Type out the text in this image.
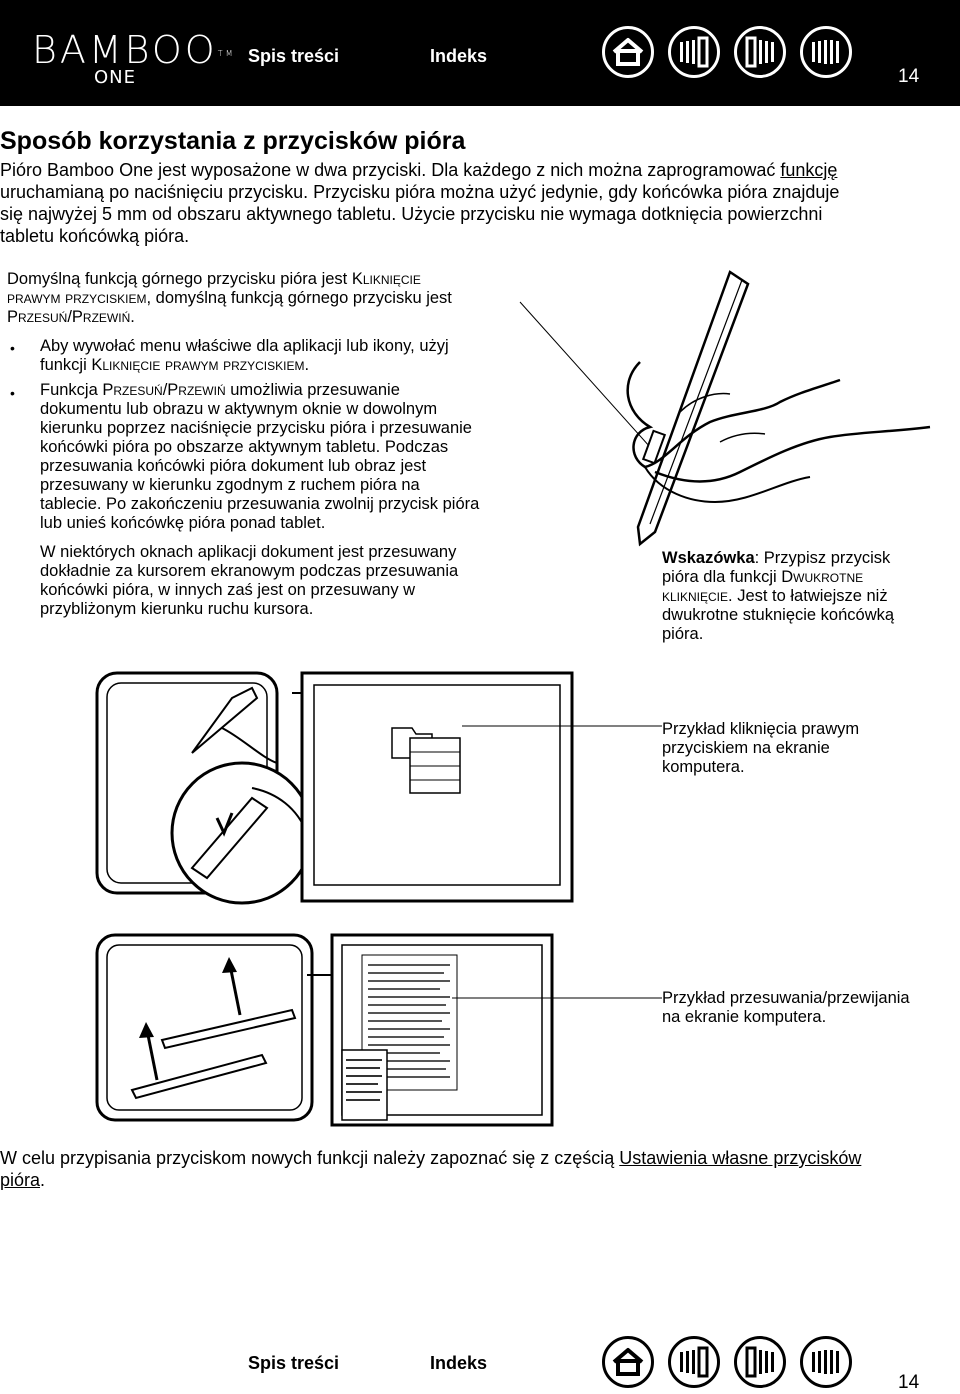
BAMBOO™
ONE
Spis treści	Indeks
14
Sposób korzystania z przycisków pióra
Pióro Bamboo One jest wyposażone w dwa przyciski. Dla każdego z nich można zaprogramować funkcję
uruchamianą po naciśnięciu przycisku. Przycisku pióra można użyć jedynie, gdy końcówka pióra znajduje
się najwyżej 5 mm od obszaru aktywnego tabletu. Użycie przycisku nie wymaga dotknięcia powierzchni
tabletu końcówką pióra.
Domyślną funkcją górnego przycisku pióra jest Kliknięcie
prawym przyciskiem, domyślną funkcją górnego przycisku jest
Przesuń/Przewiń.
• Aby wywołać menu właściwe dla aplikacji lub ikony, użyj
funkcji Kliknięcie prawym przyciskiem.
• Funkcja Przesuń/Przewiń umożliwia przesuwanie
dokumentu lub obrazu w aktywnym oknie w dowolnym
kierunku poprzez naciśnięcie przycisku pióra i przesuwanie
końcówki pióra po obszarze aktywnym tabletu. Podczas
przesuwania końcówki pióra dokument lub obraz jest
przesuwany w kierunku zgodnym z ruchem pióra na
tablecie. Po zakończeniu przesuwania zwolnij przycisk pióra
lub unieś końcówkę pióra ponad tablet.
W niektórych oknach aplikacji dokument jest przesuwany
dokładnie za kursorem ekranowym podczas przesuwania
końcówki pióra, w innych zaś jest on przesuwany w
przybliżonym kierunku ruchu kursora.
Wskazówka: Przypisz przycisk
pióra dla funkcji Dwukrotne
kliknięcie. Jest to łatwiejsze niż
dwukrotne stuknięcie końcówką
pióra.
Przykład kliknięcia prawym
przyciskiem na ekranie
komputera.
Przykład przesuwania/przewijania
na ekranie komputera.
W celu przypisania przyciskom nowych funkcji należy zapoznać się z częścią Ustawienia własne przycisków
pióra.
Spis treści	Indeks
14
